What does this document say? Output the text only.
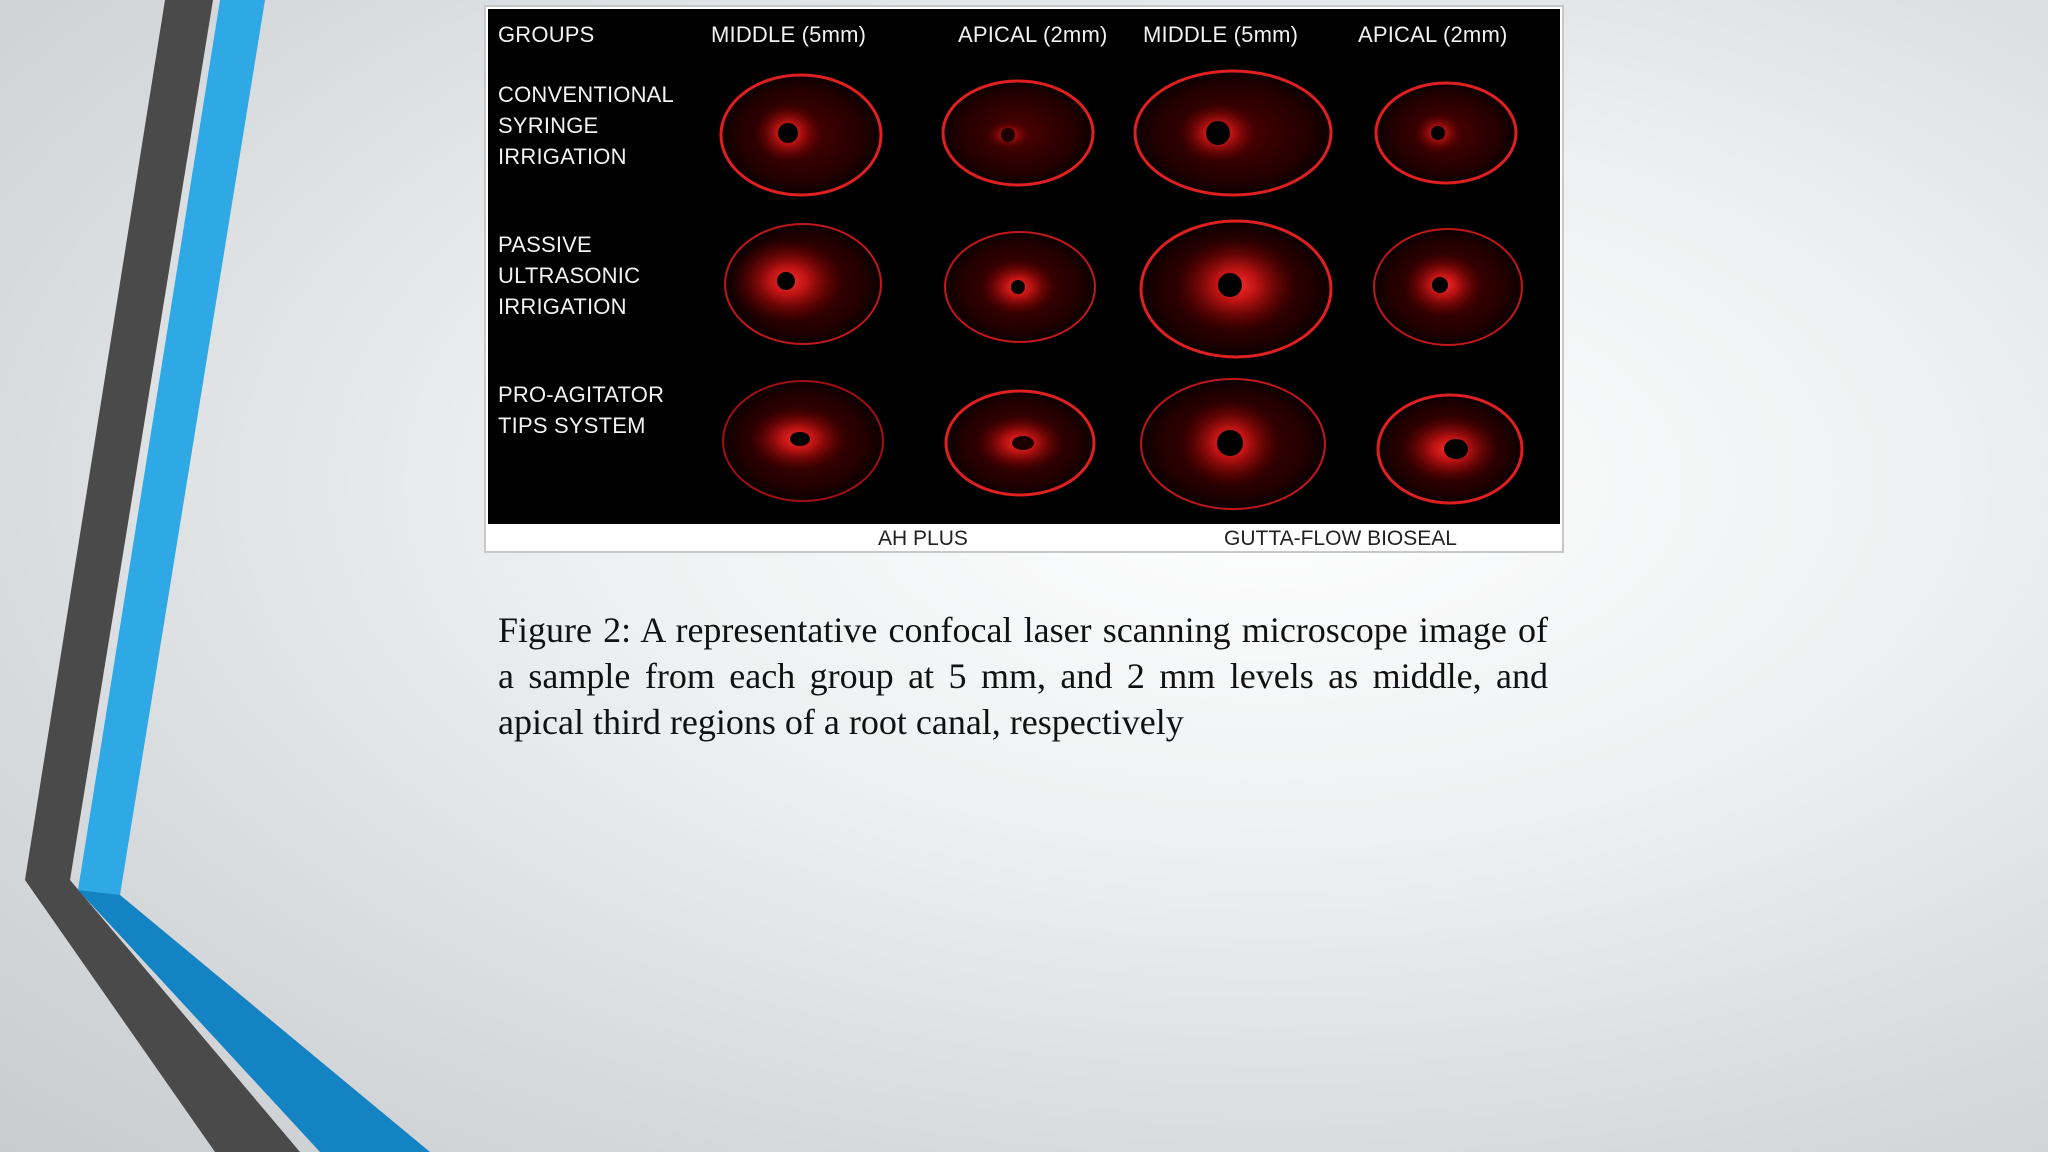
GROUPS	MIDDLE (5mm)	APICAL (2mm) MIDDLE (5mm)	APICAL (2mm)
CONVENTIONAL
SYRINGE
IRRIGATION
PASSIVE
ULTRASONIC
IRRIGATION
PRO-AGITATOR
TIPS SYSTEM
AH PLUS	GUTTA-FLOW BIOSEAL

Figure 2: A representative confocal laser scanning microscope image of a sample from each group at 5 mm, and 2 mm levels as middle, and apical third regions of a root canal, respectively
